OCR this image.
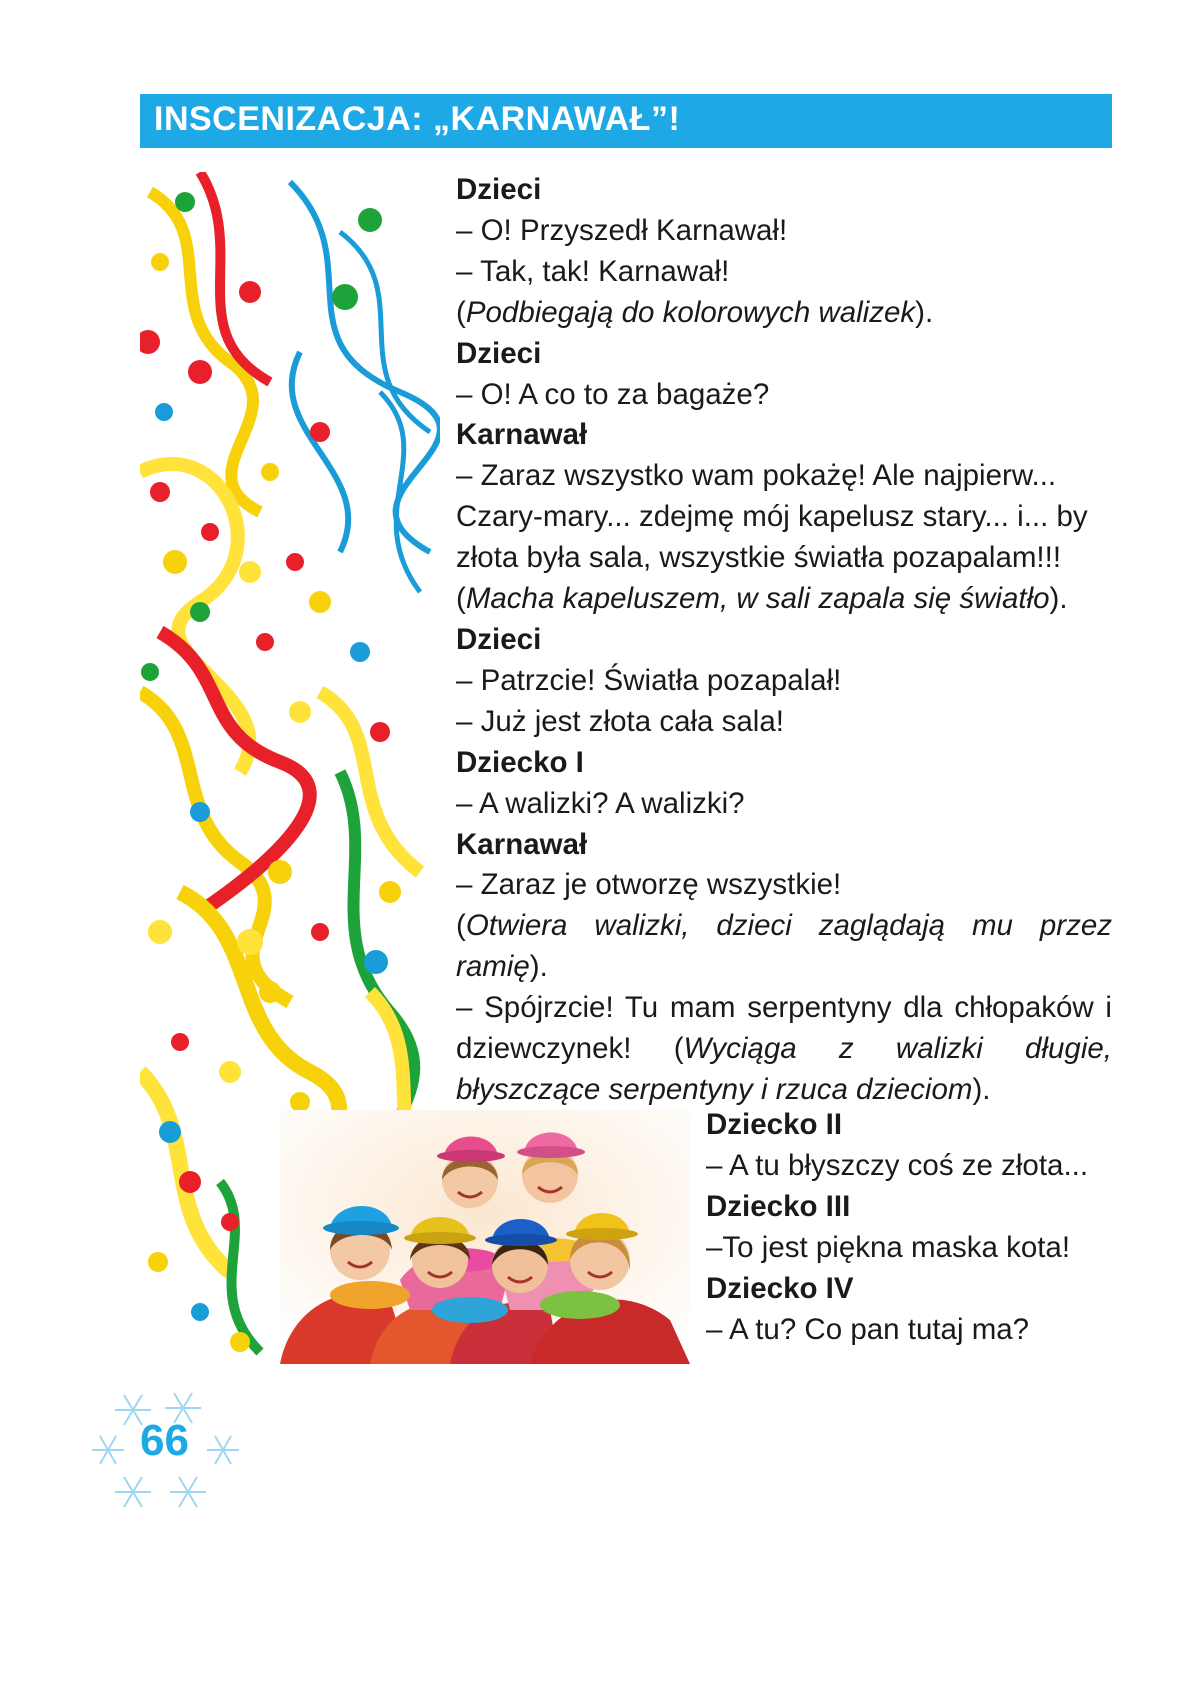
INSCENIZACJA: „KARNAWAŁ”!
Dzieci
– O! Przyszedł Karnawał!
– Tak, tak! Karnawał!
(Podbiegają do kolorowych walizek).
Dzieci
– O! A co to za bagaże?
Karnawał
– Zaraz wszystko wam pokażę! Ale najpierw...
Czary-mary... zdejmę mój kapelusz stary... i... by
złota była sala, wszystkie światła pozapalam!!!
(Macha kapeluszem, w sali zapala się światło).
Dzieci
– Patrzcie! Światła pozapalał!
– Już jest złota cała sala!
Dziecko I
– A walizki? A walizki?
Karnawał
– Zaraz je otworzę wszystkie!
(Otwiera walizki, dzieci zaglądają mu przez ramię).
– Spójrzcie! Tu mam serpentyny dla chłopaków i dziewczynek! (Wyciąga z walizki długie, błyszczące serpentyny i rzuca dzieciom).
Dziecko II
– A tu błyszczy coś ze złota...
Dziecko III
–To jest piękna maska kota!
Dziecko IV
– A tu? Co pan tutaj ma?
66
